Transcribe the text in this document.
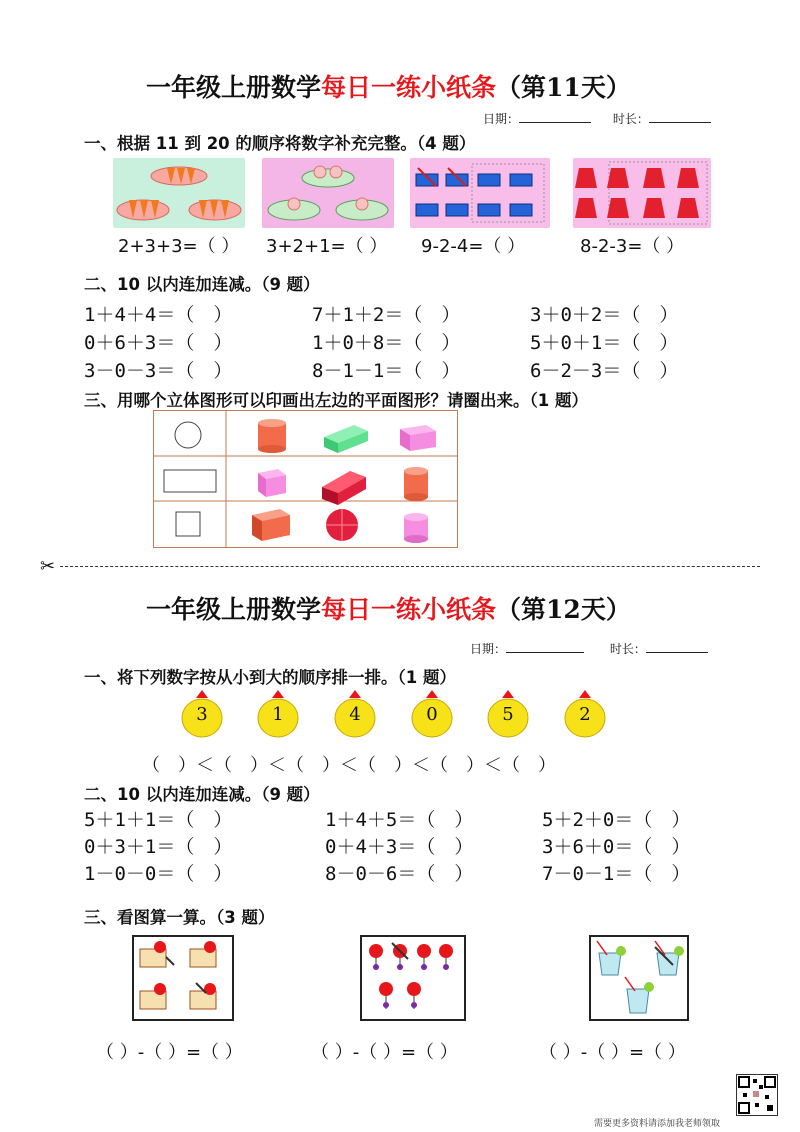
一年级上册数学每日一练小纸条（第11天）
日期：	时长：
一、根据 11 到 20 的顺序将数字补充完整。（4 题）
2+3+3=（ ） 3+2+1=（ ） 9-2-4=（ ）	8-2-3=（ ）
二、10 以内连加连减。（9 题）
1＋4＋4＝（　）	7＋1＋2＝（　）	3＋0＋2＝（　）
0＋6＋3＝（　）	1＋0＋8＝（　）	5＋0＋1＝（　）
3－0－3＝（　）	8－1－1＝（　）	6－2－3＝（　）
三、用哪个立体图形可以印画出左边的平面图形？请圈出来。（1 题）
✂
一年级上册数学每日一练小纸条（第12天）
日期：	时长：
一、将下列数字按从小到大的顺序排一排。（1 题）
3	1	4	0	5	2
（　）＜（　）＜（　）＜（　）＜（　）＜（　）
二、10 以内连加连减。（9 题）
5＋1＋1＝（　）	1＋4＋5＝（　）	5＋2＋0＝（　）
0＋3＋1＝（　）	0＋4＋3＝（　）	3＋6＋0＝（　）
1－0－0＝（　）	8－0－6＝（　）	7－0－1＝（　）
三、看图算一算。（3 题）
（ ）-（ ）=（ ）	（ ）-（ ）=（ ）	（ ）-（ ）=（ ）
需要更多资料请添加我老师领取
